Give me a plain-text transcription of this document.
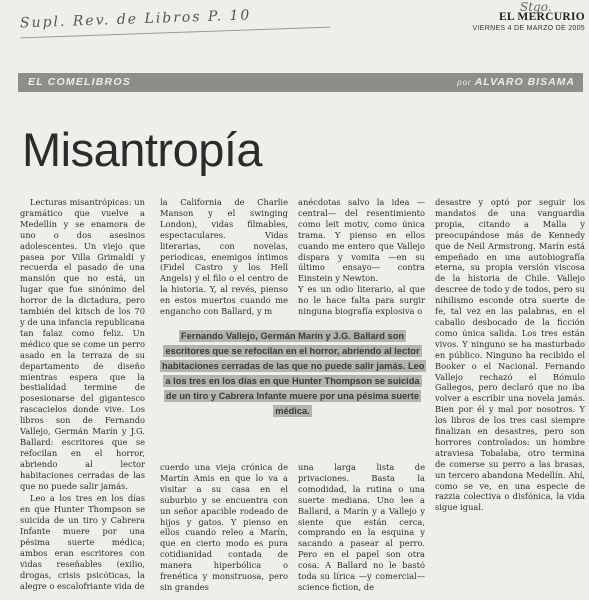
Supl. Rev. de Libros P. 10
Stgo.
EL MERCURIO
VIERNES 4 DE MARZO DE 2005
EL COMELIBROS	por ALVARO BISAMA
Misantropía

Lecturas misantrópicas: un gramático que vuelve a Medellín y se enamora de uno o dos asesinos adolescentes. Un viejo que pasea por Villa Grimaldi y recuerda el pasado de una mansión que no está, un lugar que fue sinónimo del horror de la dictadura, pero también del kitsch de los 70 y de una infancia republicana tan falaz como feliz. Un médico que se come un perro asado en la terraza de su departamento de diseño mientras espera que la bestialidad termine de posesionarse del gigantesco rascacielos donde vive. Los libros son de Fernando Vallejo, Germán Marín y J.G. Ballard: escritores que se refocilan en el horror, abriendo al lector habitaciones cerradas de las que no puede salir jamás.

Leo a los tres en los días en que Hunter Thompson se suicida de un tiro y Cabrera Infante muere por una pésima suerte médica; ambos eran escritores con vidas reseñables (exilio, drogas, crisis psicóticas, la alegre o escalofriante vida de

la California de Charlie Manson y el swinging London), vidas filmables, espectaculares. Vidas literarias, con novelas, periodicas, enemigos íntimos (Fidel Castro y los Hell Angels) y el filo o el centro de la historia. Y, al revés, pienso en estos muertos cuando me engancho con Ballard, y m

anécdotas salvo la idea —central— del resentimiento como leit motiv, como única trama. Y pienso en ellos cuando me entero que Vallejo dispara y vomita —en su último ensayo— contra Einstein y Newton.
Y es un odio literario, al que no le hace falta para surgir ninguna biografía explosiva o

Fernando Vallejo, Germán Marín y J.G. Ballard son escritores que se refocilan en el horror, abriendo al lector habitaciones cerradas de las que no puede salir jamás. Leo a los tres en los días en que Hunter Thompson se suicida de un tiro y Cabrera Infante muere por una pésima suerte médica.

cuerdo una vieja crónica de Martín Amis en que lo va a visitar a su casa en el suburbio y se encuentra con un señor apacible rodeado de hijos y gatos. Y pienso en ellos cuando releo a Marín, que en cierto modo es pura cotidianidad contada de manera hiperbólica o frenética y monstruosa, pero sin grandes

una larga lista de privaciones. Basta la comodidad, la rutina o una suerte mediana. Uno lee a Ballard, a Marín y a Vallejo y siente que están cerca, comprando en la esquina y sacando a pasear al perro. Pero en el papel son otra cosa. A Ballard no le bastó toda su lírica —y comercial— science fiction, de

desastre y optó por seguir los mandatos de una vanguardia propia, citando a Malla y preocupándose más de Kennedy que de Neil Armstrong. Marín está empeñado en una autobiografía eterna, su propia versión viscosa de la historia de Chile. Vallejo descree de todo y de todos, pero su nihilismo esconde otra suerte de fe, tal vez en las palabras, en el caballo desbocado de la ficción como única salida. Los tres están vivos. Y ninguno se ha masturbado en público. Ninguno ha recibido el Booker o el Nacional. Fernando Vallejo rechazó el Rómulo Gallegos, pero declaró que no iba volver a escribir una novela jamás. Bien por él y mal por nosotros. Y los libros de los tres casi siempre finalizan en desastres, pero son horrores controlados: un hombre atraviesa Tobalaba, otro termina de comerse su perro a las brasas, un tercero abandona Medellín. Ahí, como se ve, en una especie de razzia colectiva o disfónica, la vida sigue igual.
